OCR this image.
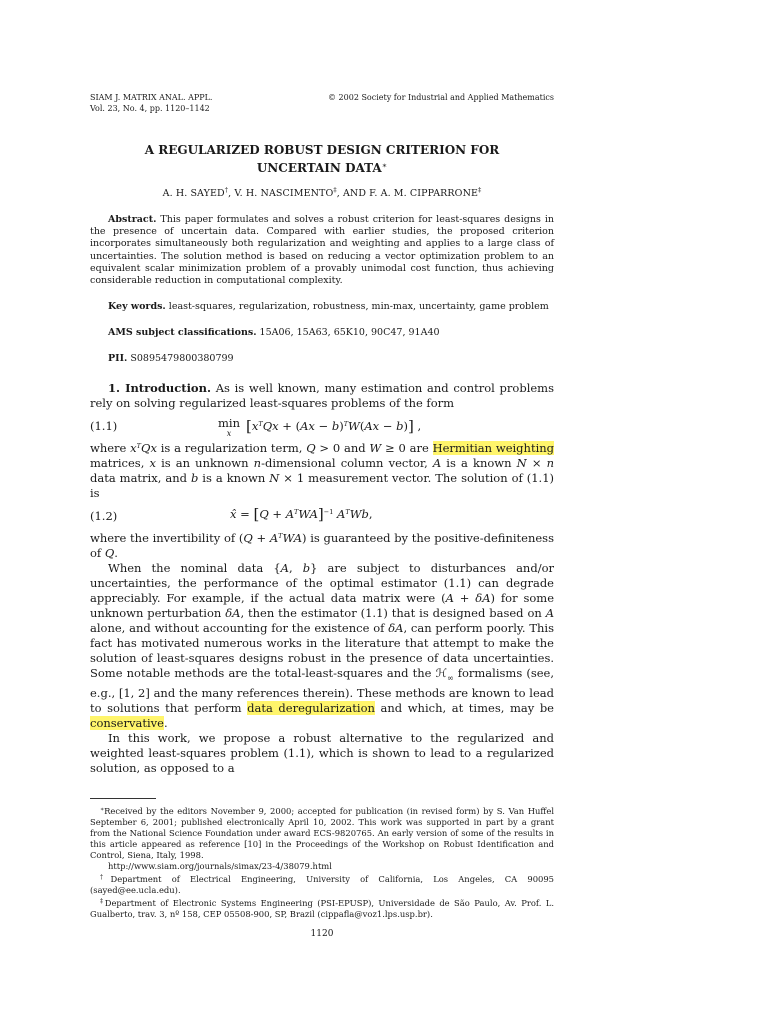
SIAM J. MATRIX ANAL. APPL.
Vol. 23, No. 4, pp. 1120–1142
© 2002 Society for Industrial and Applied Mathematics
A REGULARIZED ROBUST DESIGN CRITERION FOR
UNCERTAIN DATA∗
A. H. SAYED†, V. H. NASCIMENTO‡, AND F. A. M. CIPPARRONE‡
Abstract. This paper formulates and solves a robust criterion for least-squares designs in the presence of uncertain data. Compared with earlier studies, the proposed criterion incorporates simultaneously both regularization and weighting and applies to a large class of uncertainties. The solution method is based on reducing a vector optimization problem to an equivalent scalar minimization problem of a provably unimodal cost function, thus achieving considerable reduction in computational complexity.
Key words. least-squares, regularization, robustness, min-max, uncertainty, game problem
AMS subject classifications. 15A06, 15A63, 65K10, 90C47, 91A40
PII. S0895479800380799
1. Introduction. As is well known, many estimation and control problems rely on solving regularized least-squares problems of the form
(1.1)	min
x $[x^TQx + (Ax - b)^TW(Ax - b)]$ ,
where $x^TQx$ is a regularization term, Q > 0 and W ≥ 0 are Hermitian weighting matrices, x is an unknown n-dimensional column vector, A is a known N × n data matrix, and b is a known N × 1 measurement vector. The solution of (1.1) is
(1.2)	x̂ = $[Q + A^TWA]^{-1}$ $A^TWb$,
where the invertibility of $(Q + A^TWA)$ is guaranteed by the positive-definiteness of Q.
When the nominal data {A, b} are subject to disturbances and/or uncertainties, the performance of the optimal estimator (1.1) can degrade appreciably. For example, if the actual data matrix were (A + δA) for some unknown perturbation δA, then the estimator (1.1) that is designed based on A alone, and without accounting for the existence of δA, can perform poorly. This fact has motivated numerous works in the literature that attempt to make the solution of least-squares designs robust in the presence of data uncertainties. Some notable methods are the total-least-squares and the ℋ$_\infty$ formalisms (see, e.g., [1, 2] and the many references therein). These methods are known to lead to solutions that perform data deregularization and which, at times, may be conservative.
In this work, we propose a robust alternative to the regularized and weighted least-squares problem (1.1), which is shown to lead to a regularized solution, as opposed to a
∗Received by the editors November 9, 2000; accepted for publication (in revised form) by S. Van Huffel September 6, 2001; published electronically April 10, 2002. This work was supported in part by a grant from the National Science Foundation under award ECS-9820765. An early version of some of the results in this article appeared as reference [10] in the Proceedings of the Workshop on Robust Identification and Control, Siena, Italy, 1998.
http://www.siam.org/journals/simax/23-4/38079.html
†Department of Electrical Engineering, University of California, Los Angeles, CA 90095 (sayed@ee.ucla.edu).
‡Department of Electronic Systems Engineering (PSI-EPUSP), Universidade de São Paulo, Av. Prof. L. Gualberto, trav. 3, nº 158, CEP 05508-900, SP, Brazil (cippafla@voz1.lps.usp.br).
1120
